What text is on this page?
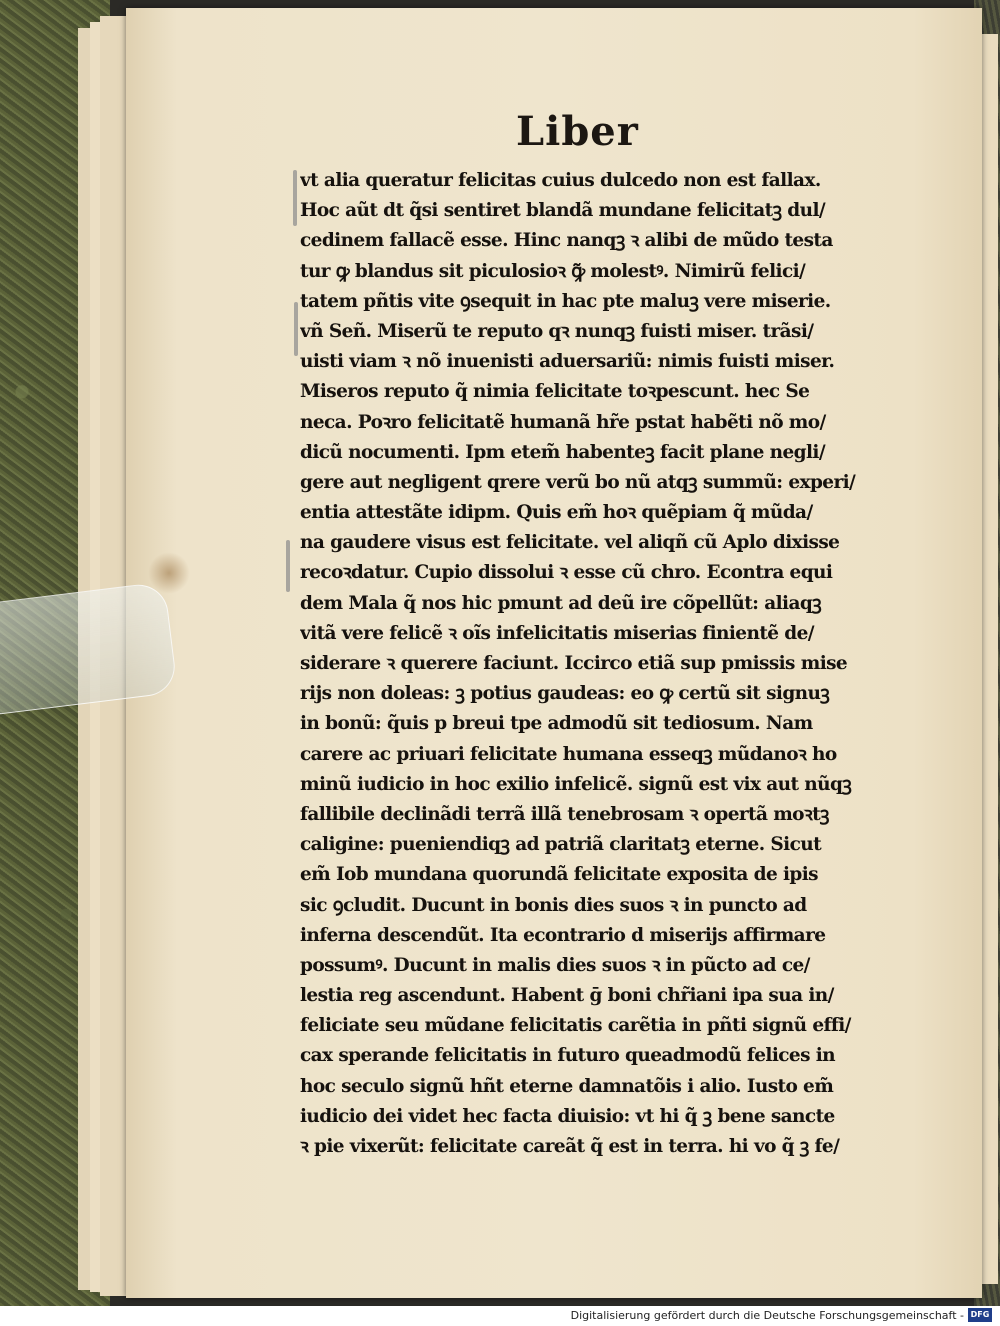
Liber
vt alia queratur felicitas cuius dulcedo non est fallax.
Hoc aũt dt q̃si sentiret blandã mundane felicitatꝫ dul/
cedinem fallacẽ esse. Hinc nanqꝫ ꝛ alibi de mũdo testa
tur ꝙ blandus sit piculosioꝛ ꝙ̃ molestꝰ. Nimirũ felici/
tatem pñtis vite ꝯsequit in hac pte maluꝫ vere miserie.
vñ Señ. Miserũ te reputo qꝛ nunqꝫ fuisti miser. trãsi/
uisti viam ꝛ nõ inuenisti aduersariũ: nimis fuisti miser.
Miseros reputo q̃ nimia felicitate toꝛpescunt. hec Se
neca. Poꝛro felicitatẽ humanã hr̃e pstat habẽti nõ mo/
dicũ nocumenti. Ipm etem̃ habenteꝫ facit plane negli/
gere aut negligent qrere verũ bo nũ atqꝫ summũ: experi/
entia attestãte idipm. Quis em̃ hoꝛ quẽpiam q̃ mũda/
na gaudere visus est felicitate. vel aliqñ cũ Aplo dixisse
recoꝛdatur. Cupio dissolui ꝛ esse cũ chro. Econtra equi
dem Mala q̃ nos hic pmunt ad deũ ire cõpellũt: aliaqꝫ
vitã vere felicẽ ꝛ oĩs infelicitatis miserias finientẽ de/
siderare ꝛ querere faciunt. Iccirco etiã sup pmissis mise
rijs non doleas: ꝫ potius gaudeas: eo ꝙ certũ sit signuꝫ
in bonũ: q̃uis p breui tpe admodũ sit tediosum. Nam
carere ac priuari felicitate humana esseqꝫ mũdanoꝛ ho
minũ iudicio in hoc exilio infelicẽ. signũ est vix aut nũqꝫ
fallibile declinãdi terrã illã tenebrosam ꝛ opertã moꝛtꝫ
caligine: pueniendiqꝫ ad patriã claritatꝫ eterne. Sicut
em̃ Iob mundana quorundã felicitate exposita de ipis
sic ꝯcludit. Ducunt in bonis dies suos ꝛ in puncto ad
inferna descendũt. Ita econtrario d miserijs affirmare
possumꝰ. Ducunt in malis dies suos ꝛ in pũcto ad ce/
lestia reg ascendunt. Habent ḡ boni chr̃iani ipa sua in/
feliciate seu mũdane felicitatis carẽtia in pñti signũ effi/
cax sperande felicitatis in futuro queadmodũ felices in
hoc seculo signũ hñt eterne damnatõis i alio. Iusto em̃
iudicio dei videt hec facta diuisio: vt hi q̃ ꝫ bene sancte
ꝛ pie vixerũt: felicitate careãt q̃ est in terra. hi vo q̃ ꝫ fe/
Digitalisierung gefördert durch die Deutsche Forschungsgemeinschaft - DFG
